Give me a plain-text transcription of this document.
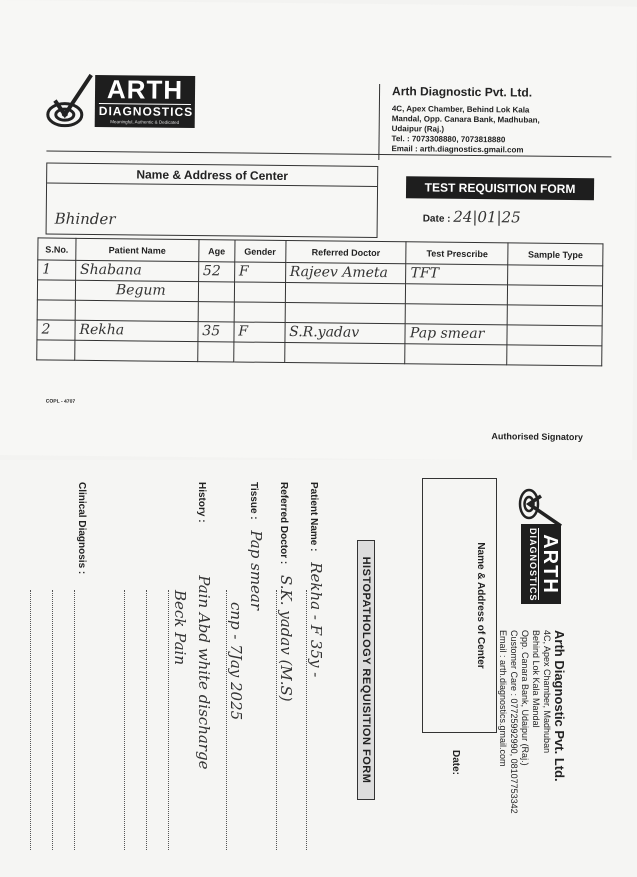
ARTH
DIAGNOSTICS
Meaningful, Authentic & Dedicated
Arth Diagnostic Pvt. Ltd.
4C, Apex Chamber, Behind Lok Kala
Mandal, Opp. Canara Bank, Madhuban,
Udaipur (Raj.)
Tel. : 7073308880, 7073818880
Email : arth.diagnostics.gmail.com
Name & Address of Center
Bhinder
TEST REQUISITION FORM
Date : 24|01|25
S.No.	Patient Name	Age	Gender	Referred Doctor	Test Prescribe	Sample Type
1	Shabana	52	F	Rajeev Ameta	TFT	
	Begum					

2	Rekha	35	F	S.R.yadav	Pap smear	

COPL - 4707
Authorised Signatory
ARTH
DIAGNOSTICS
Arth Diagnostic Pvt. Ltd.
4C, Apex Chamber, Madhuban
Behind Lok Kala Mandal
Opp. Canara Bank, Udaipur (Raj.)
Customer Care : 07725992990, 08107753342
Email : arth.diagnostics.gmail.com
Name & Address of Center
Date:
HISTOPATHOLOGY REQUISITION FORM
Patient Name : Rekha - F 35y -
Referred Doctor : S.K. yadav (M.S)
Tissue : Pap smear
cnp - 7Jay 2025
History : Pain Abd white discharge
Beck Pain
Clinical Diagnosis :
